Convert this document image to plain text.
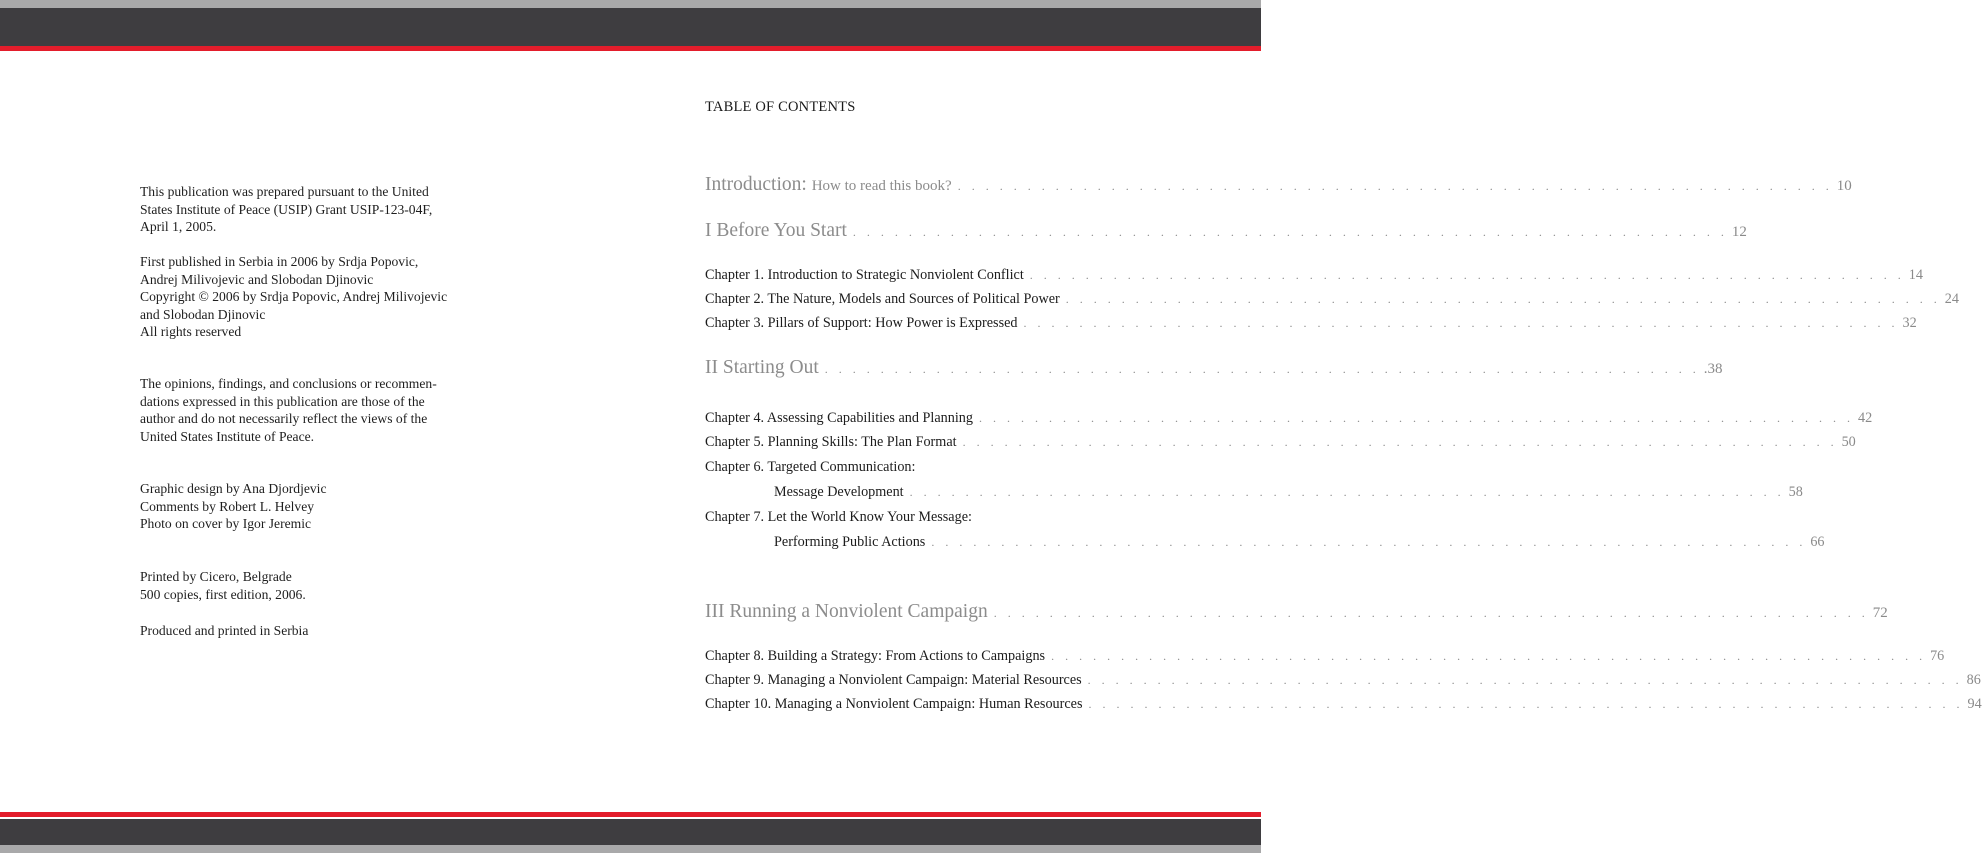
This publication was prepared pursuant to the United
States Institute of Peace (USIP) Grant USIP-123-04F,
April 1, 2005.
First published in Serbia in 2006 by Srdja Popovic,
Andrej Milivojevic and Slobodan Djinovic
Copyright © 2006 by Srdja Popovic, Andrej Milivojevic
and Slobodan Djinovic
All rights reserved
The opinions, findings, and conclusions or recommen-
dations expressed in this publication are those of the
author and do not necessarily reflect the views of the
United States Institute of Peace.
Graphic design by Ana Djordjevic
Comments by Robert L. Helvey
Photo on cover by Igor Jeremic
Printed by Cicero, Belgrade
500 copies, first edition, 2006.
Produced and printed in Serbia
TABLE OF CONTENTS
Introduction: How to read this book? . . . . . . . . . . . . . . . . . . . . . . . . . . . . . . . . . . . . . . . . . . . . . . . . . . . . . . . . . . . . . . . 10
I Before You Start . . . . . . . . . . . . . . . . . . . . . . . . . . . . . . . . . . . . . . . . . . . . . . . . . . . . . . . . . . . . . . . 12
Chapter 1. Introduction to Strategic Nonviolent Conflict . . . . . . . . . . . . . . . . . . . . . . . . . . . . . . . . . . . . . . . . . . . . . . . . . . . . . . . . . . . . . . . 14
Chapter 2. The Nature, Models and Sources of Political Power . . . . . . . . . . . . . . . . . . . . . . . . . . . . . . . . . . . . . . . . . . . . . . . . . . . . . . . . . . . . . . . 24
Chapter 3. Pillars of Support: How Power is Expressed . . . . . . . . . . . . . . . . . . . . . . . . . . . . . . . . . . . . . . . . . . . . . . . . . . . . . . . . . . . . . . . 32
II Starting Out . . . . . . . . . . . . . . . . . . . . . . . . . . . . . . . . . . . . . . . . . . . . . . . . . . . . . . . . . . . . . . . .38
Chapter 4. Assessing Capabilities and Planning . . . . . . . . . . . . . . . . . . . . . . . . . . . . . . . . . . . . . . . . . . . . . . . . . . . . . . . . . . . . . . . 42
Chapter 5. Planning Skills: The Plan Format . . . . . . . . . . . . . . . . . . . . . . . . . . . . . . . . . . . . . . . . . . . . . . . . . . . . . . . . . . . . . . . 50
Chapter 6. Targeted Communication:
Message Development . . . . . . . . . . . . . . . . . . . . . . . . . . . . . . . . . . . . . . . . . . . . . . . . . . . . . . . . . . . . . . . 58
Chapter 7. Let the World Know Your Message:
Performing Public Actions . . . . . . . . . . . . . . . . . . . . . . . . . . . . . . . . . . . . . . . . . . . . . . . . . . . . . . . . . . . . . . . 66
III Running a Nonviolent Campaign . . . . . . . . . . . . . . . . . . . . . . . . . . . . . . . . . . . . . . . . . . . . . . . . . . . . . . . . . . . . . . . 72
Chapter 8. Building a Strategy: From Actions to Campaigns . . . . . . . . . . . . . . . . . . . . . . . . . . . . . . . . . . . . . . . . . . . . . . . . . . . . . . . . . . . . . . . 76
Chapter 9. Managing a Nonviolent Campaign: Material Resources . . . . . . . . . . . . . . . . . . . . . . . . . . . . . . . . . . . . . . . . . . . . . . . . . . . . . . . . . . . . . . . 86
Chapter 10. Managing a Nonviolent Campaign: Human Resources . . . . . . . . . . . . . . . . . . . . . . . . . . . . . . . . . . . . . . . . . . . . . . . . . . . . . . . . . . . . . . . 94
